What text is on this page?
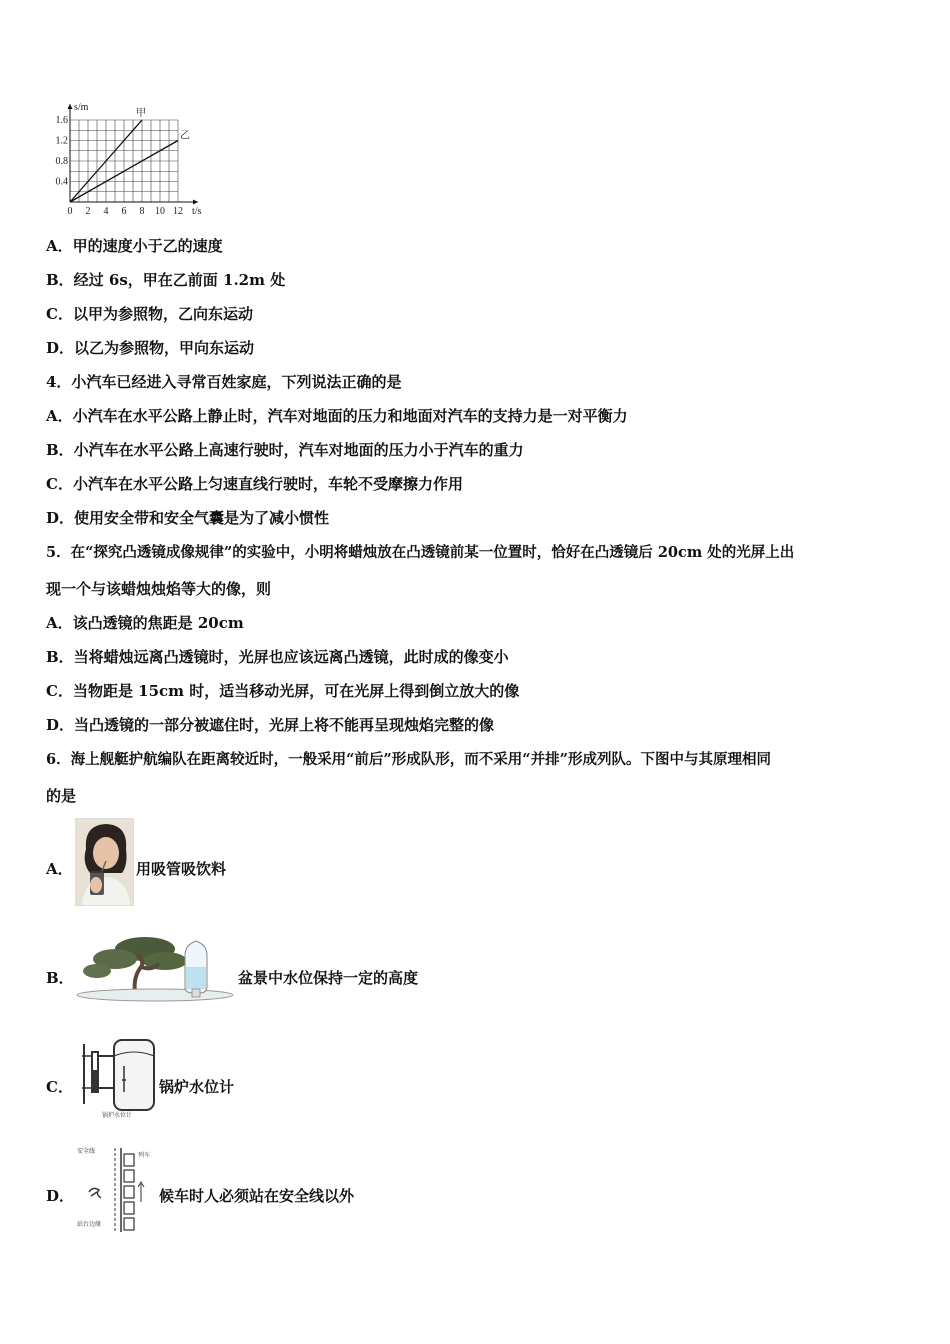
t/s
s/m
0 2 4 6 8 10 12
0.4
0.8
1.2
1.6
甲
乙
A．甲的速度小于乙的速度
B．经过 6s，甲在乙前面 1.2m 处
C．以甲为参照物，乙向东运动
D．以乙为参照物，甲向东运动
4．小汽车已经进入寻常百姓家庭，下列说法正确的是
A．小汽车在水平公路上静止时，汽车对地面的压力和地面对汽车的支持力是一对平衡力
B．小汽车在水平公路上高速行驶时，汽车对地面的压力小于汽车的重力
C．小汽车在水平公路上匀速直线行驶时，车轮不受摩擦力作用
D．使用安全带和安全气囊是为了减小惯性
5．在“探究凸透镜成像规律”的实验中，小明将蜡烛放在凸透镜前某一位置时，恰好在凸透镜后 20cm 处的光屏上出
现一个与该蜡烛烛焰等大的像，则
A．该凸透镜的焦距是 20cm
B．当将蜡烛远离凸透镜时，光屏也应该远离凸透镜，此时成的像变小
C．当物距是 15cm 时，适当移动光屏，可在光屏上得到倒立放大的像
D．当凸透镜的一部分被遮住时，光屏上将不能再呈现烛焰完整的像
6．海上舰艇护航编队在距离较近时，一般采用“前后”形成队形，而不采用“并排”形成列队。下图中与其原理相同
的是
A．	用吸管吸饮料
B．	盆景中水位保持一定的高度
C．
锅炉水位计
锅炉水位计
D．
安全线
列车
站台边缘
候车时人必须站在安全线以外
